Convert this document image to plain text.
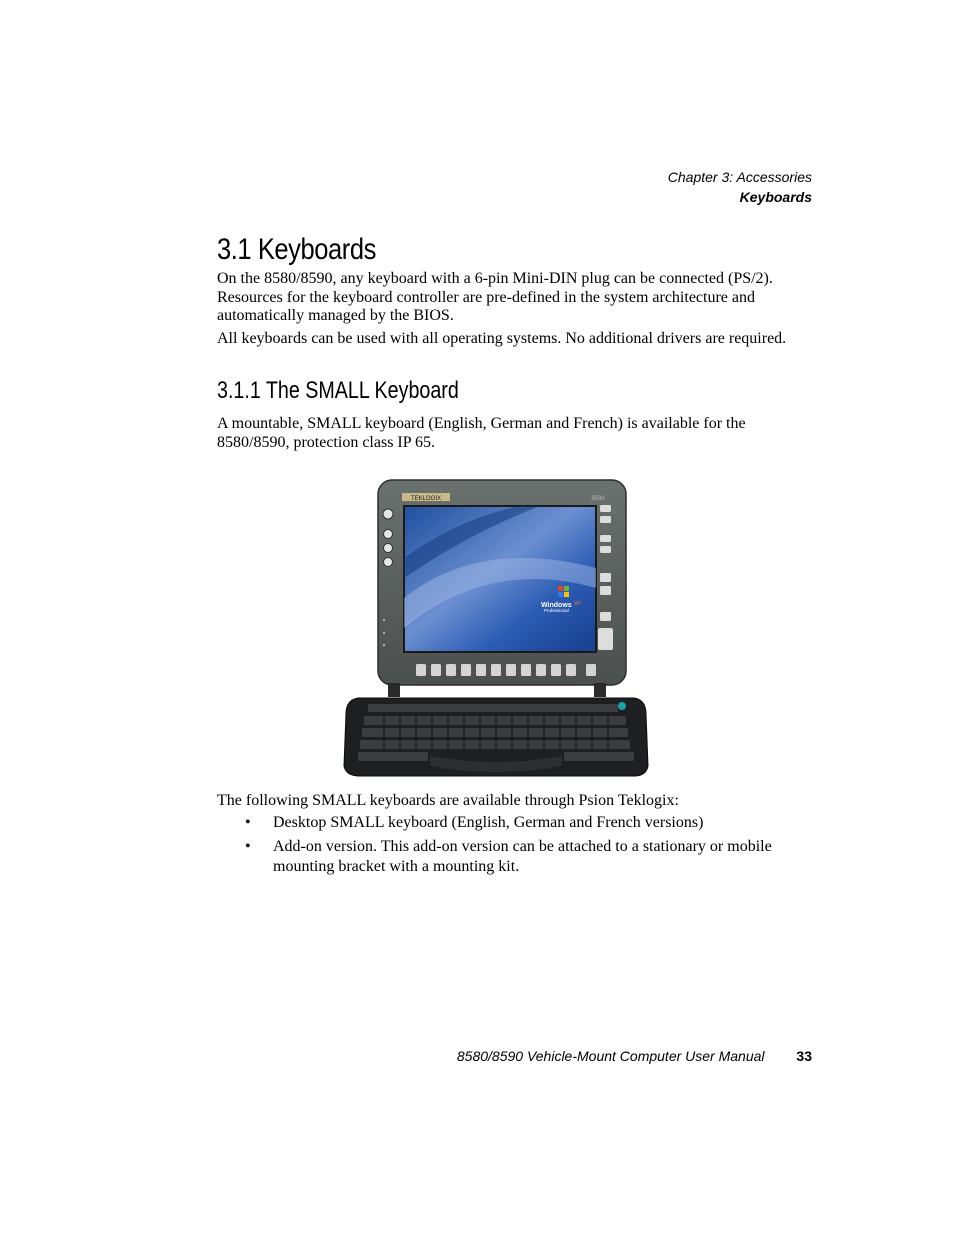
Chapter 3: Accessories
Keyboards
3.1 Keyboards

On the 8580/8590, any keyboard with a 6-pin Mini-DIN plug can be connected (PS/2). Resources for the keyboard controller are pre-defined in the system architecture and automatically managed by the BIOS.

All keyboards can be used with all operating systems. No additional drivers are required.

3.1.1 The SMALL Keyboard

A mountable, SMALL keyboard (English, German and French) is available for the 8580/8590, protection class IP 65.

TEKLOGIX	8590
Windows XP
Professional

The following SMALL keyboards are available through Psion Teklogix:

• Desktop SMALL keyboard (English, German and French versions)
• Add-on version. This add-on version can be attached to a stationary or mobile mounting bracket with a mounting kit.
8580/8590 Vehicle-Mount Computer User Manual 33
